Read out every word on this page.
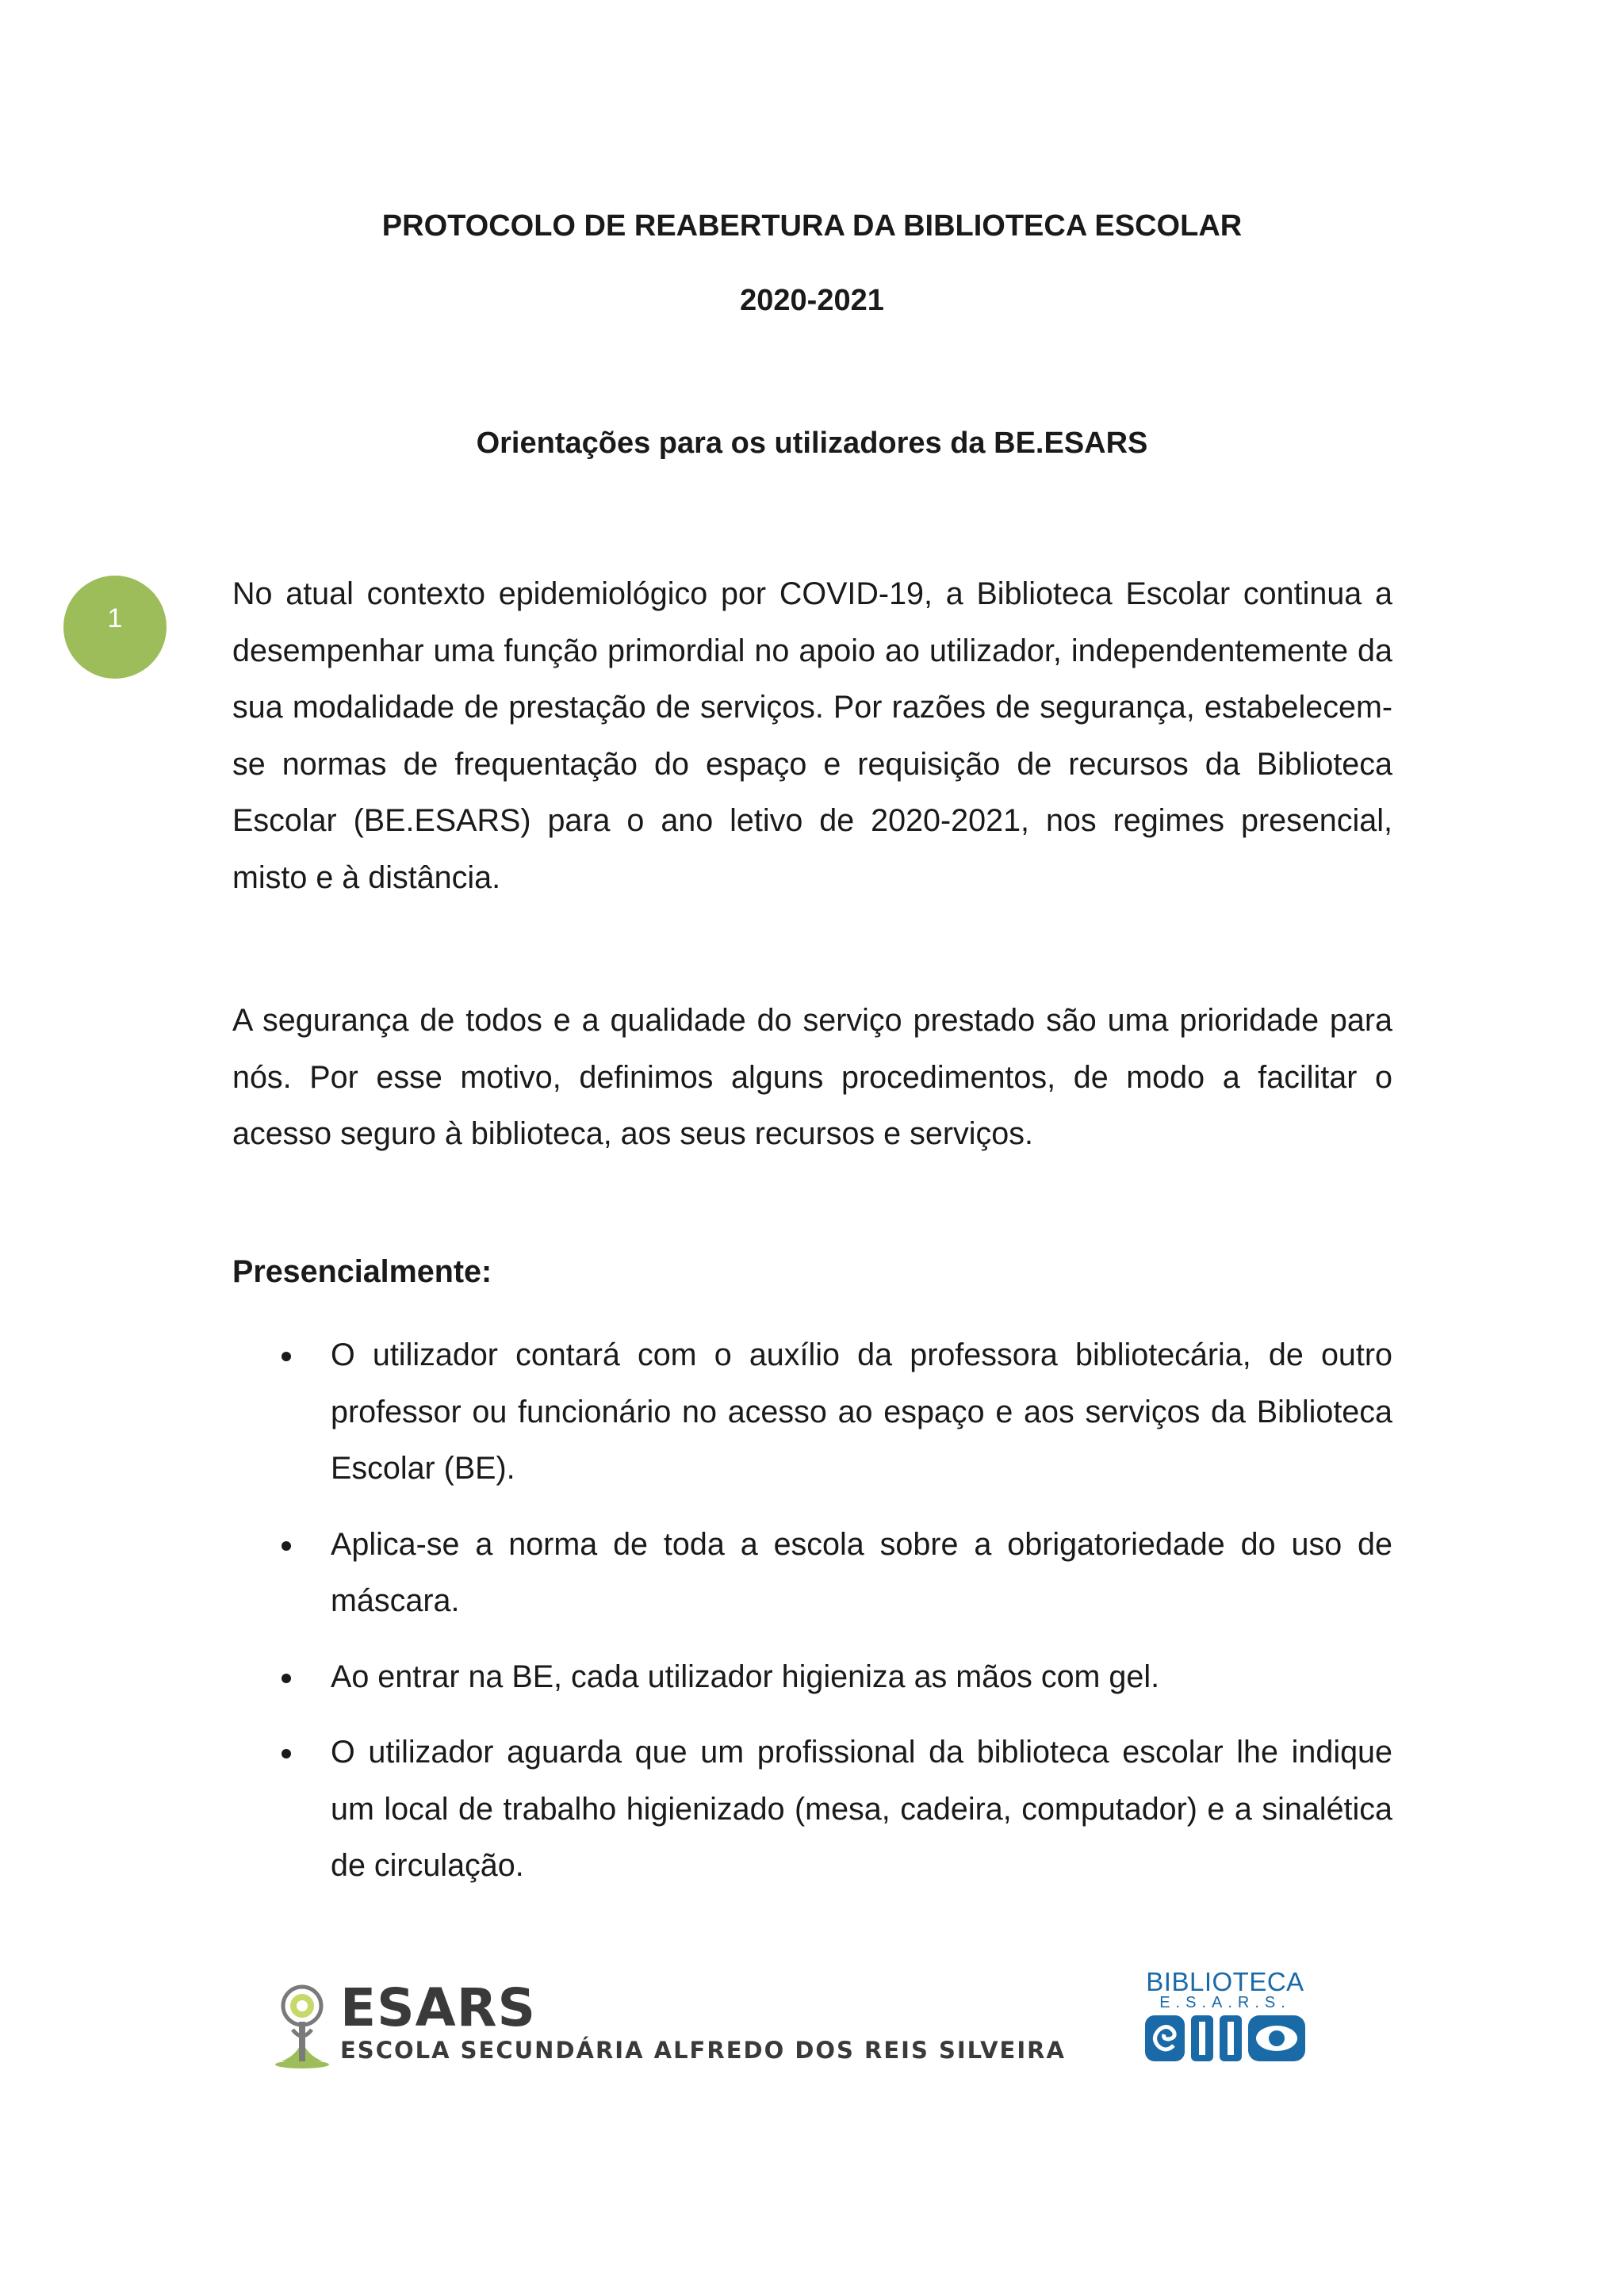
PROTOCOLO DE REABERTURA DA BIBLIOTECA ESCOLAR
2020-2021
Orientações para os utilizadores da BE.ESARS
1

No atual contexto epidemiológico por COVID-19, a Biblioteca Escolar continua a desempenhar uma função primordial no apoio ao utilizador, independentemente da sua modalidade de prestação de serviços. Por razões de segurança, estabelecem-se normas de frequentação do espaço e requisição de recursos da Biblioteca Escolar (BE.ESARS) para o ano letivo de 2020-2021, nos regimes presencial, misto e à distância.

A segurança de todos e a qualidade do serviço prestado são uma prioridade para nós. Por esse motivo, definimos alguns procedimentos, de modo a facilitar o acesso seguro à biblioteca, aos seus recursos e serviços.

Presencialmente:
O utilizador contará com o auxílio da professora bibliotecária, de outro professor ou funcionário no acesso ao espaço e aos serviços da Biblioteca Escolar (BE).
Aplica-se a norma de toda a escola sobre a obrigatoriedade do uso de máscara.
Ao entrar na BE, cada utilizador higieniza as mãos com gel.
O utilizador aguarda que um profissional da biblioteca escolar lhe indique um local de trabalho higienizado (mesa, cadeira, computador) e a sinalética de circulação.
ESARS
ESCOLA SECUNDÁRIA ALFREDO DOS REIS SILVEIRA
BIBLIOTECA
E.S.A.R.S.
